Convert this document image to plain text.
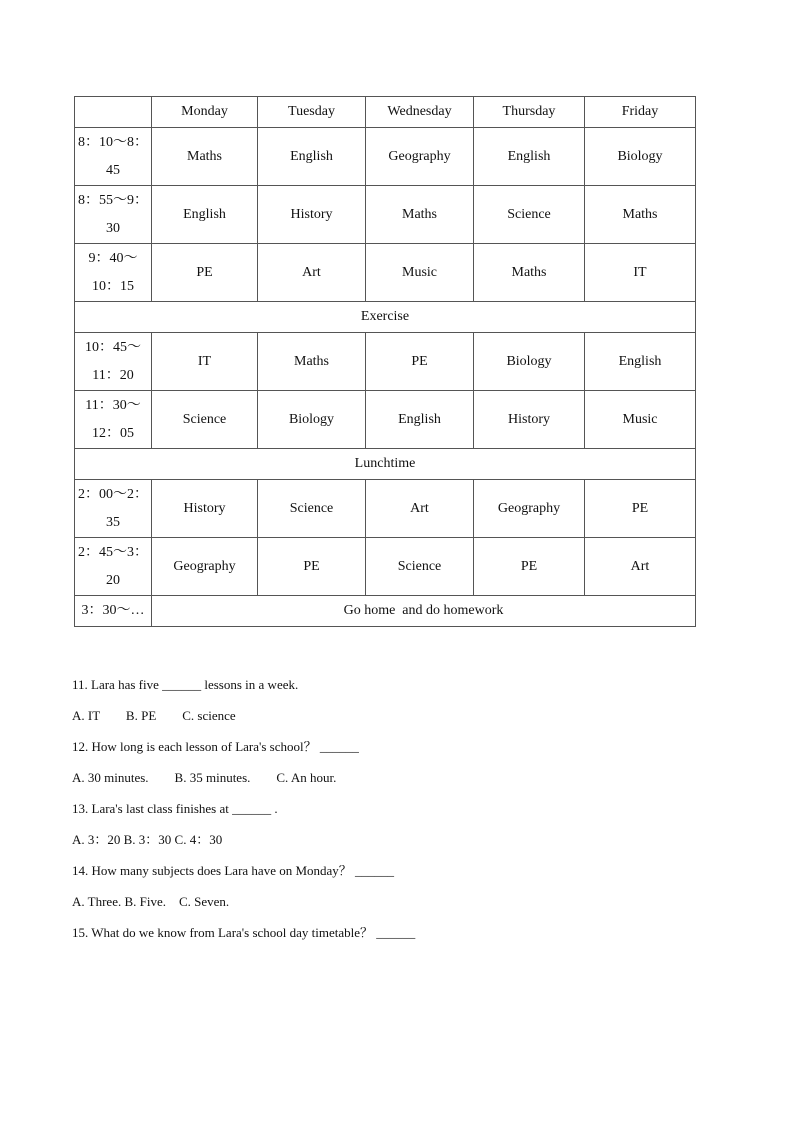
	Monday	Tuesday	Wednesday	Thursday	Friday

8：10～8：
45	Maths	English	Geography	English	Biology

8：55～9：
30	English	History	Maths	Science	Maths

9：40～
10：15	PE	Art	Music	Maths	IT
Exercise					

10：45～
11：20	IT	Maths	PE	Biology	English

11：30～
12：05	Science	Biology	English	History	Music
Lunchtime					

2：00～2：
35	History	Science	Art	Geography	PE

2：45～3：
20	Geography	PE	Science	PE	Art
3：30～…	Go home  and do homework				

11. Lara has five ______ lessons in a week.

A. IT        B. PE        C. science

12. How long is each lesson of Lara's school？ ______

A. 30 minutes.        B. 35 minutes.        C. An hour.

13. Lara's last class finishes at ______ .

A. 3：20 B. 3：30 C. 4：30

14. How many subjects does Lara have on Monday？ ______

A. Three. B. Five.    C. Seven.

15. What do we know from Lara's school day timetable？ ______
